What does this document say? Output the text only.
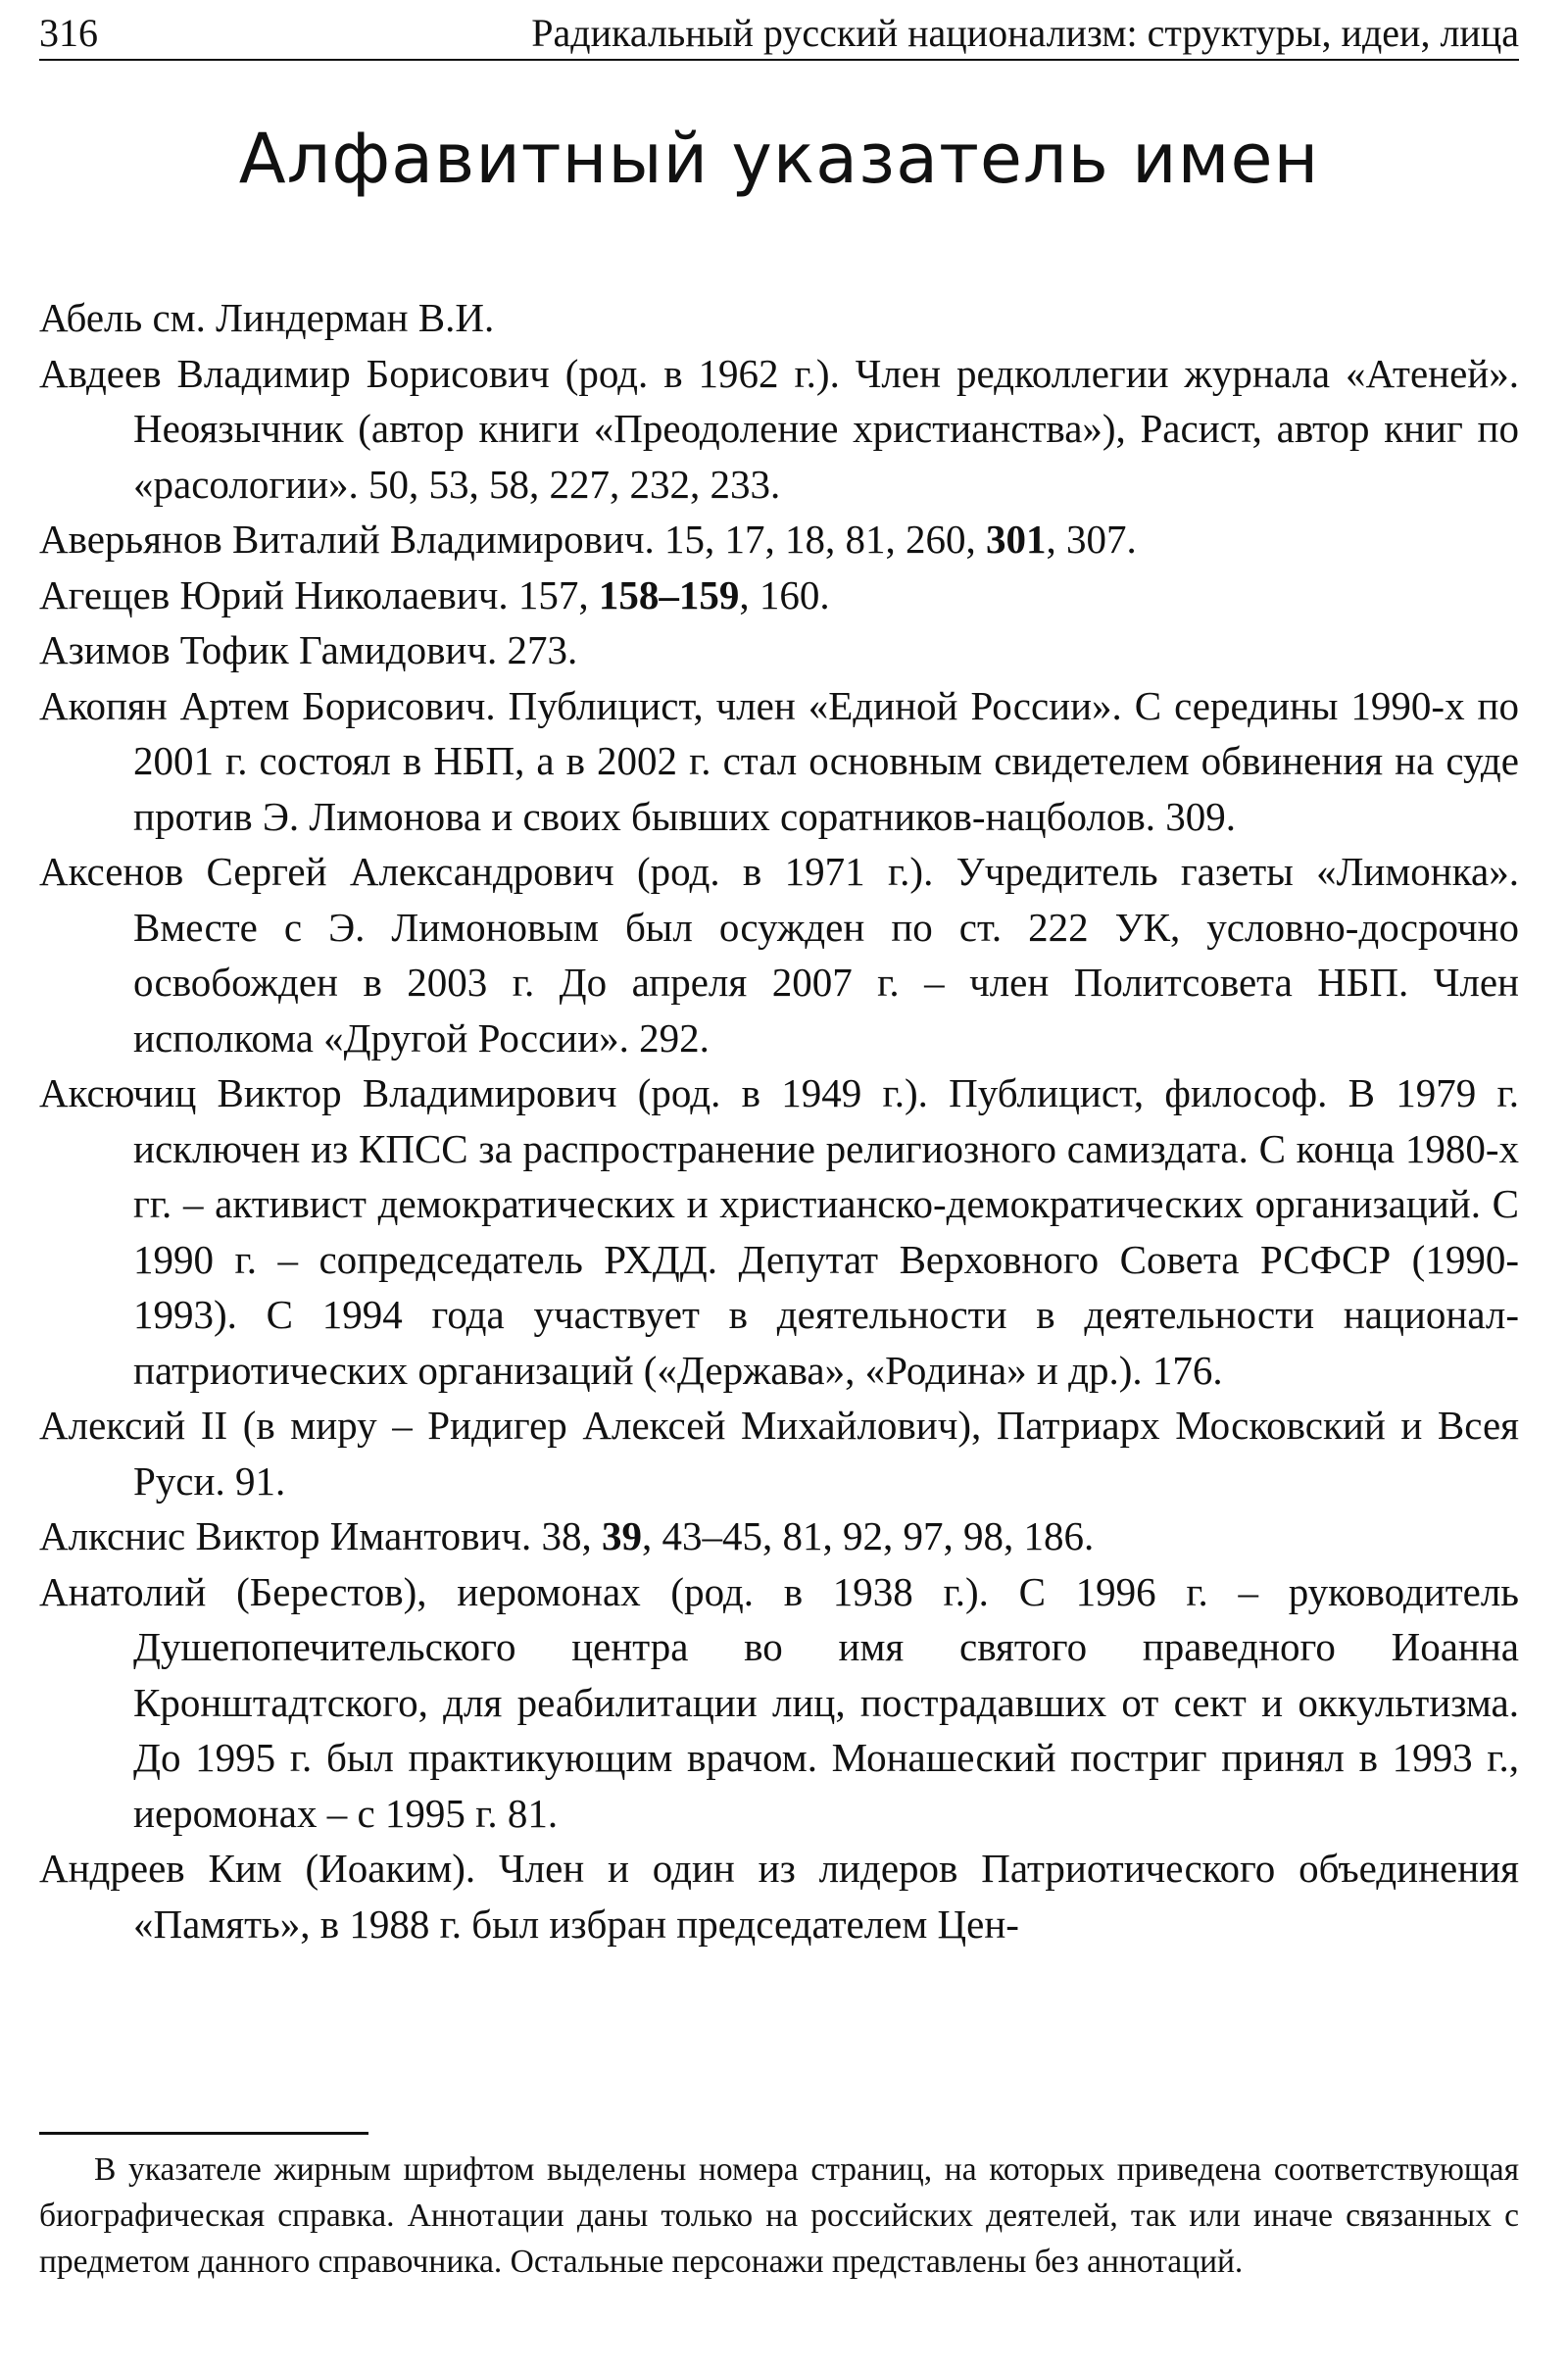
316	Радикальный русский национализм: структуры, идеи, лица
Алфавитный указатель имен

Абель см. Линдерман В.И.

Авдеев Владимир Борисович (род. в 1962 г.). Член редколлегии журнала «Атеней». Неоязычник (автор книги «Преодоление христианства»), Расист, автор книг по «расологии». 50, 53, 58, 227, 232, 233.

Аверьянов Виталий Владимирович. 15, 17, 18, 81, 260, 301, 307.

Агещев Юрий Николаевич. 157, 158–159, 160.

Азимов Тофик Гамидович. 273.

Акопян Артем Борисович. Публицист, член «Единой России». С середины 1990-х по 2001 г. состоял в НБП, а в 2002 г. стал основным свидетелем обвинения на суде против Э. Лимонова и своих бывших соратников-нацболов. 309.

Аксенов Сергей Александрович (род. в 1971 г.). Учредитель газеты «Лимонка». Вместе с Э. Лимоновым был осужден по ст. 222 УК, условно-досрочно освобожден в 2003 г. До апреля 2007 г. – член Политсовета НБП. Член исполкома «Другой России». 292.

Аксючиц Виктор Владимирович (род. в 1949 г.). Публицист, философ. В 1979 г. исключен из КПСС за распространение религиозного самиздата. С конца 1980-х гг. – активист демократических и христианско-демократических организаций. С 1990 г. – сопредседатель РХДД. Депутат Верховного Совета РСФСР (1990-1993). С 1994 года участвует в деятельности в деятельности национал-патриотических организаций («Держава», «Родина» и др.). 176.

Алексий II (в миру – Ридигер Алексей Михайлович), Патриарх Московский и Всея Руси. 91.

Алкснис Виктор Имантович. 38, 39, 43–45, 81, 92, 97, 98, 186.

Анатолий (Берестов), иеромонах (род. в 1938 г.). С 1996 г. – руководитель Душепопечительского центра во имя святого праведного Иоанна Кронштадтского, для реабилитации лиц, пострадавших от сект и оккультизма. До 1995 г. был практикующим врачом. Монашеский постриг принял в 1993 г., иеромонах – с 1995 г. 81.

Андреев Ким (Иоаким). Член и один из лидеров Патриотического объединения «Память», в 1988 г. был избран председателем Цен-

В указателе жирным шрифтом выделены номера страниц, на которых приведена соответствующая биографическая справка. Аннотации даны только на российских деятелей, так или иначе связанных с предметом данного справочника. Остальные персонажи представлены без аннотаций.
